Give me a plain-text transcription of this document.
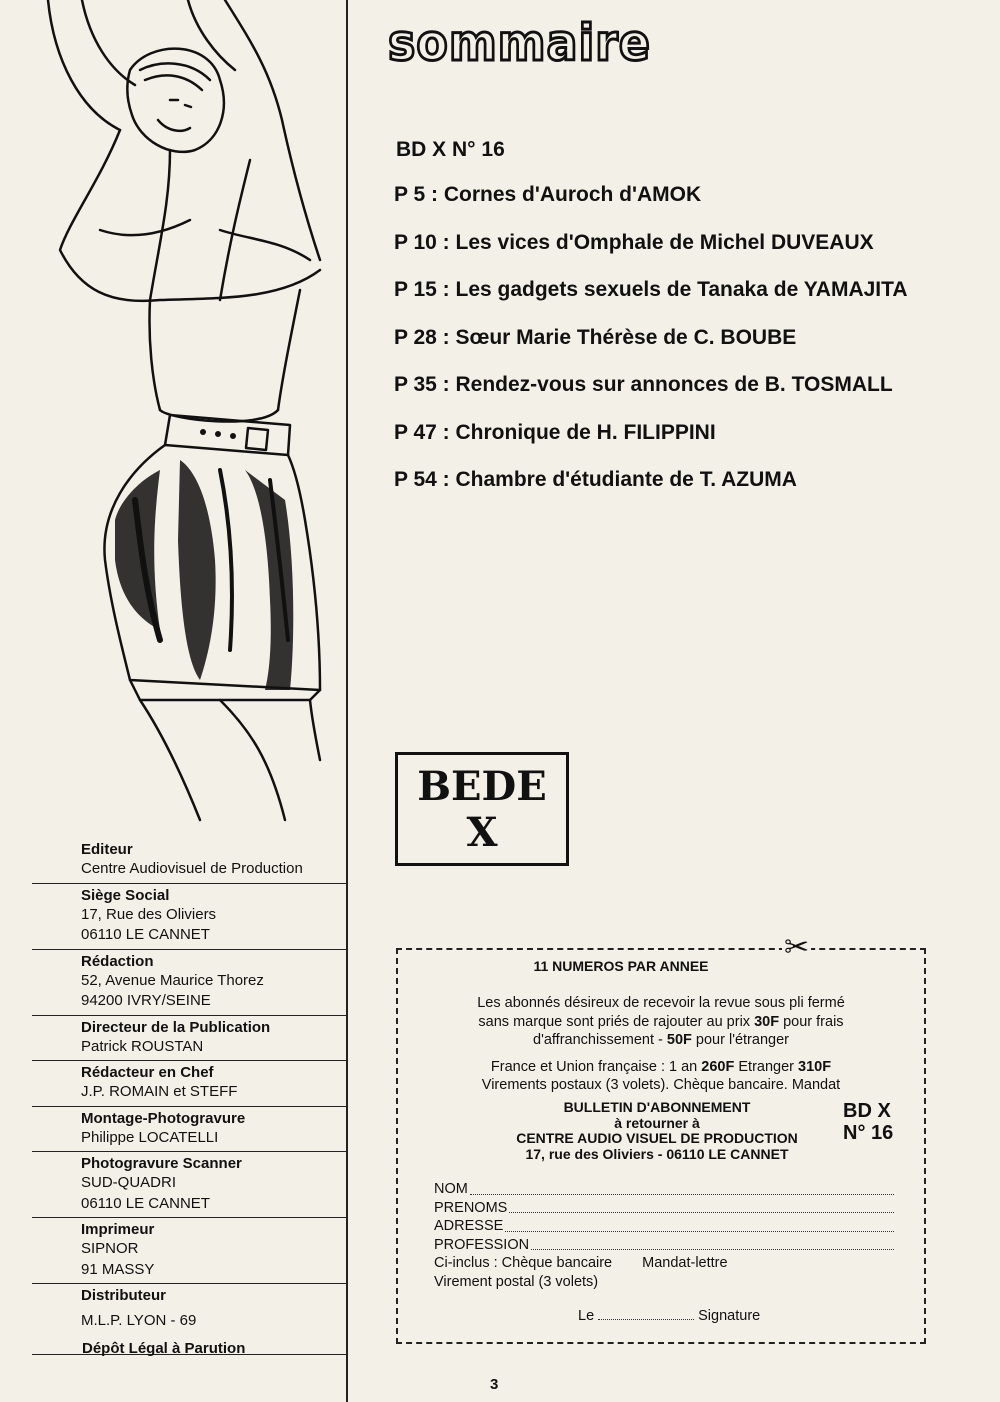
Editeur
Centre Audiovisuel de Production
Siège Social
17, Rue des Oliviers
06110 LE CANNET
Rédaction
52, Avenue Maurice Thorez
94200 IVRY/SEINE
Directeur de la Publication
Patrick ROUSTAN
Rédacteur en Chef
J.P. ROMAIN et STEFF
Montage-Photogravure
Philippe LOCATELLI
Photogravure Scanner
SUD-QUADRI
06110 LE CANNET
Imprimeur
SIPNOR
91 MASSY
Distributeur
M.L.P. LYON - 69
Dépôt Légal à Parution
sommaire
BD X N° 16
P 5 : Cornes d'Auroch d'AMOK
P 10 : Les vices d'Omphale de Michel DUVEAUX
P 15 : Les gadgets sexuels de Tanaka de YAMAJITA
P 28 : Sœur Marie Thérèse de C. BOUBE
P 35 : Rendez-vous sur annonces de B. TOSMALL
P 47 : Chronique de H. FILIPPINI
P 54 : Chambre d'étudiante de T. AZUMA
BEDE
X
11 NUMEROS PAR ANNEE
Les abonnés désireux de recevoir la revue sous pli fermé
sans marque sont priés de rajouter au prix 30F pour frais
d'affranchissement - 50F pour l'étranger
France et Union française : 1 an 260F Etranger 310F
Virements postaux (3 volets). Chèque bancaire. Mandat
BULLETIN D'ABONNEMENT
à retourner à
CENTRE AUDIO VISUEL DE PRODUCTION
17, rue des Oliviers - 06110 LE CANNET
BD X
N° 16
NOM
PRENOMS
ADRESSE
PROFESSION
Ci-inclus : Chèque bancaire Mandat-lettre
Virement postal (3 volets)
Le	Signature
✂
3
